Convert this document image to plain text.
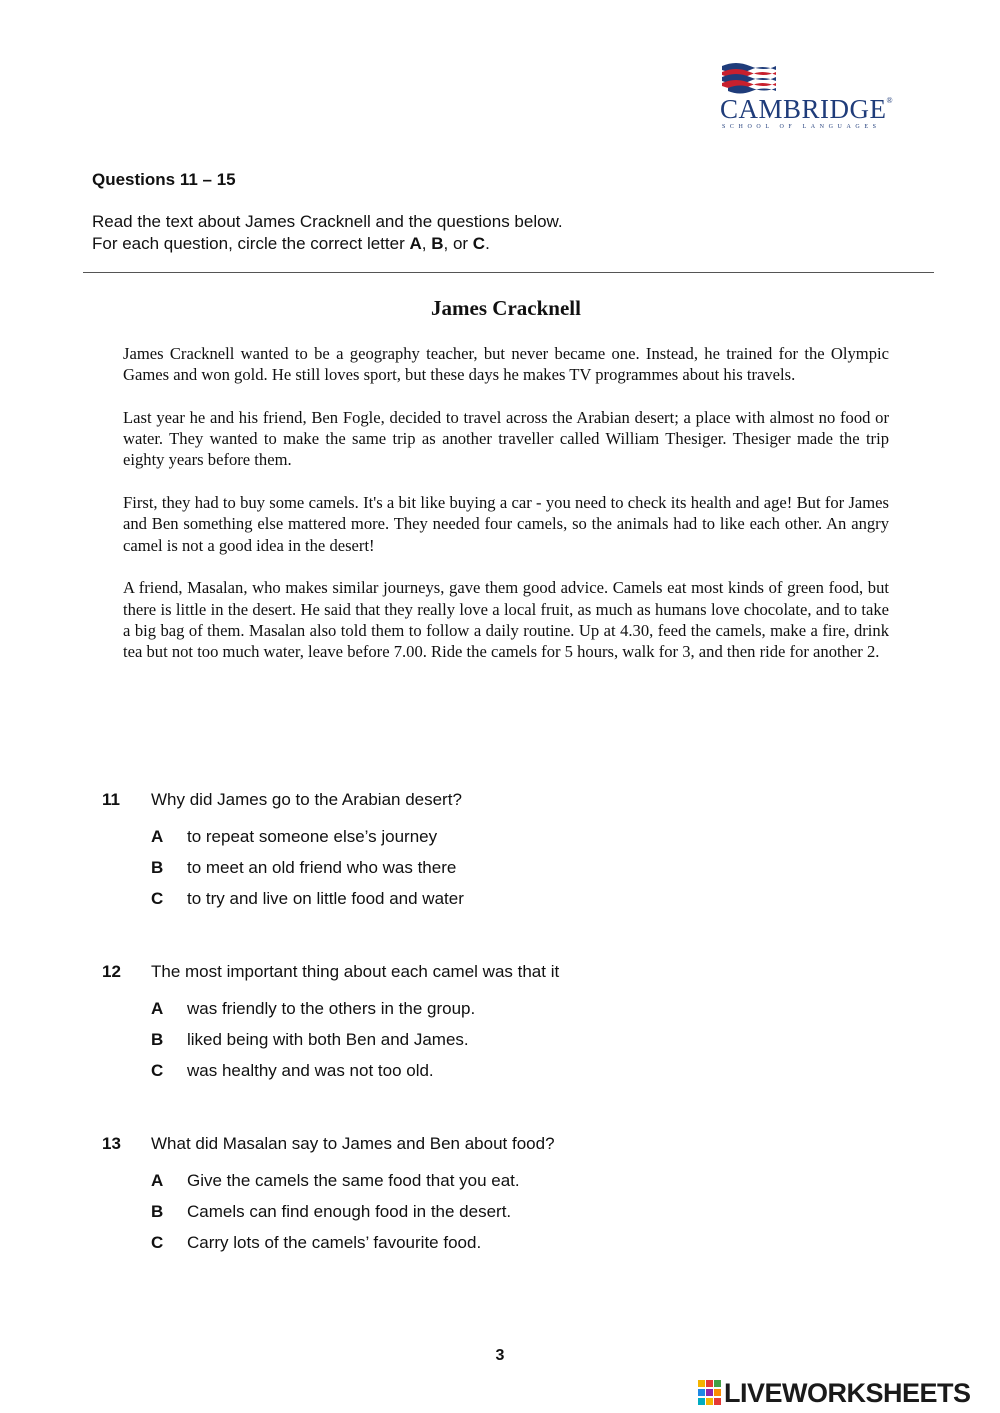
CAMBRIDGE®
SCHOOL OF LANGUAGES
Questions 11 – 15
Read the text about James Cracknell and the questions below.
For each question, circle the correct letter A, B, or C.
James Cracknell

James Cracknell wanted to be a geography teacher, but never became one. Instead, he trained for the Olympic Games and won gold. He still loves sport, but these days he makes TV programmes about his travels.

Last year he and his friend, Ben Fogle, decided to travel across the Arabian desert; a place with almost no food or water. They wanted to make the same trip as another traveller called William Thesiger. Thesiger made the trip eighty years before them.

First, they had to buy some camels. It's a bit like buying a car - you need to check its health and age! But for James and Ben something else mattered more. They needed four camels, so the animals had to like each other. An angry camel is not a good idea in the desert!

A friend, Masalan, who makes similar journeys, gave them good advice. Camels eat most kinds of green food, but there is little in the desert. He said that they really love a local fruit, as much as humans love chocolate, and to take a big bag of them. Masalan also told them to follow a daily routine. Up at 4.30, feed the camels, make a fire, drink tea but not too much water, leave before 7.00. Ride the camels for 5 hours, walk for 3, and then ride for another 2.

11 Why did James go to the Arabian desert?
A to repeat someone else’s journey
B to meet an old friend who was there
C to try and live on little food and water
12 The most important thing about each camel was that it
A was friendly to the others in the group.
B liked being with both Ben and James.
C was healthy and was not too old.
13 What did Masalan say to James and Ben about food?
A Give the camels the same food that you eat.
B Camels can find enough food in the desert.
C Carry lots of the camels’ favourite food.
3
LIVEWORKSHEETS
